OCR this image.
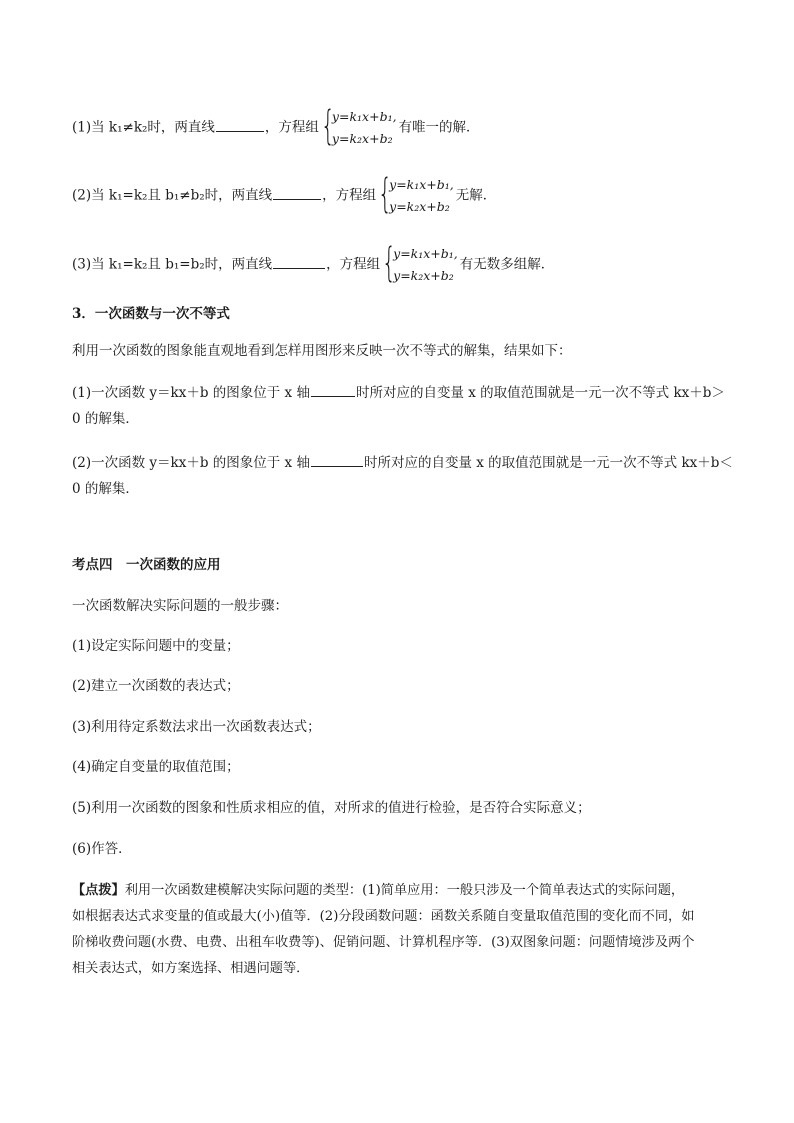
(1)当 k₁≠k₂时，两直线	，方程组 {
y=k₁x+b₁,
y=k₂x+b₂
有唯一的解．
(2)当 k₁=k₂且 b₁≠b₂时，两直线	，方程组 {
y=k₁x+b₁,
y=k₂x+b₂
无解．
(3)当 k₁=k₂且 b₁=b₂时，两直线	，方程组 {
y=k₁x+b₁,
y=k₂x+b₂
有无数多组解．
3．一次函数与一次不等式
利用一次函数的图象能直观地看到怎样用图形来反映一次不等式的解集，结果如下：
(1)一次函数 y＝kx＋b 的图象位于 x 轴	时所对应的自变量 x 的取值范围就是一元一次不等式 kx＋b＞
0 的解集．
(2)一次函数 y＝kx＋b 的图象位于 x 轴	时所对应的自变量 x 的取值范围就是一元一次不等式 kx＋b＜
0 的解集．
考点四　一次函数的应用
一次函数解决实际问题的一般步骤：
(1)设定实际问题中的变量；
(2)建立一次函数的表达式；
(3)利用待定系数法求出一次函数表达式；
(4)确定自变量的取值范围；
(5)利用一次函数的图象和性质求相应的值，对所求的值进行检验，是否符合实际意义；
(6)作答．
【点拨】利用一次函数建模解决实际问题的类型：(1)简单应用：一般只涉及一个简单表达式的实际问题，
如根据表达式求变量的值或最大(小)值等．(2)分段函数问题：函数关系随自变量取值范围的变化而不同，如
阶梯收费问题(水费、电费、出租车收费等)、促销问题、计算机程序等．(3)双图象问题：问题情境涉及两个
相关表达式，如方案选择、相遇问题等．
